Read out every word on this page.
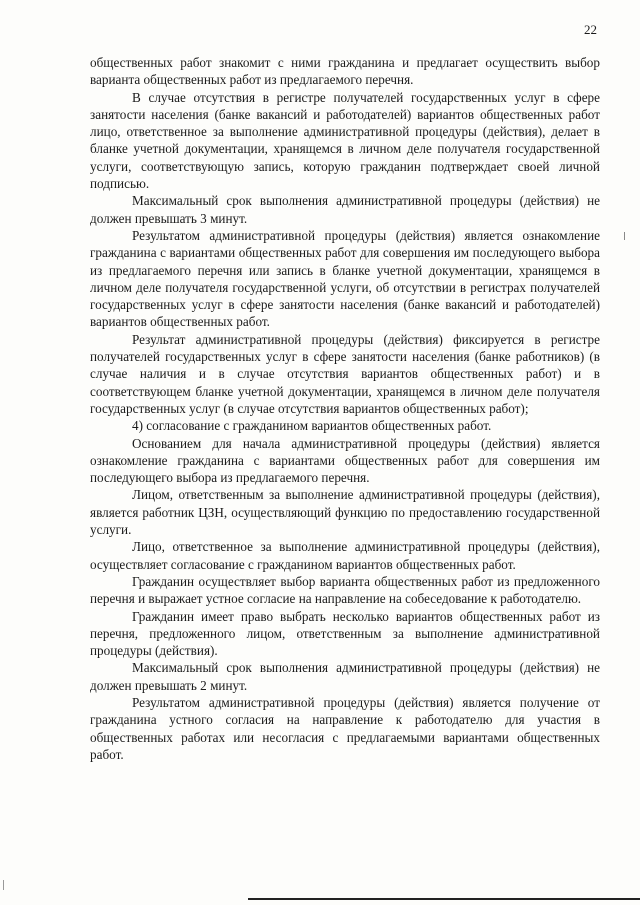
22

общественных работ знакомит с ними гражданина и предлагает осуществить выбор варианта общественных работ из предлагаемого перечня.

В случае отсутствия в регистре получателей государственных услуг в сфере занятости населения (банке вакансий и работодателей) вариантов общественных работ лицо, ответственное за выполнение административной процедуры (действия), делает в бланке учетной документации, хранящемся в личном деле получателя государственной услуги, соответствующую запись, которую гражданин подтверждает своей личной подписью.

Максимальный срок выполнения административной процедуры (действия) не должен превышать 3 минут.

Результатом административной процедуры (действия) является ознакомление гражданина с вариантами общественных работ для совершения им последующего выбора из предлагаемого перечня или запись в бланке учетной документации, хранящемся в личном деле получателя государственной услуги, об отсутствии в регистрах получателей государственных услуг в сфере занятости населения (банке вакансий и работодателей) вариантов общественных работ.

Результат административной процедуры (действия) фиксируется в регистре получателей государственных услуг в сфере занятости населения (банке работников) (в случае наличия и в случае отсутствия вариантов общественных работ) и в соответствующем бланке учетной документации, хранящемся в личном деле получателя государственных услуг (в случае отсутствия вариантов общественных работ);

4) согласование с гражданином вариантов общественных работ.

Основанием для начала административной процедуры (действия) является ознакомление гражданина с вариантами общественных работ для совершения им последующего выбора из предлагаемого перечня.

Лицом, ответственным за выполнение административной процедуры (действия), является работник ЦЗН, осуществляющий функцию по предоставлению государственной услуги.

Лицо, ответственное за выполнение административной процедуры (действия), осуществляет согласование с гражданином вариантов общественных работ.

Гражданин осуществляет выбор варианта общественных работ из предложенного перечня и выражает устное согласие на направление на собеседование к работодателю.

Гражданин имеет право выбрать несколько вариантов общественных работ из перечня, предложенного лицом, ответственным за выполнение административной процедуры (действия).

Максимальный срок выполнения административной процедуры (действия) не должен превышать 2 минут.

Результатом административной процедуры (действия) является получение от гражданина устного согласия на направление к работодателю для участия в общественных работах или несогласия с предлагаемыми вариантами общественных работ.
